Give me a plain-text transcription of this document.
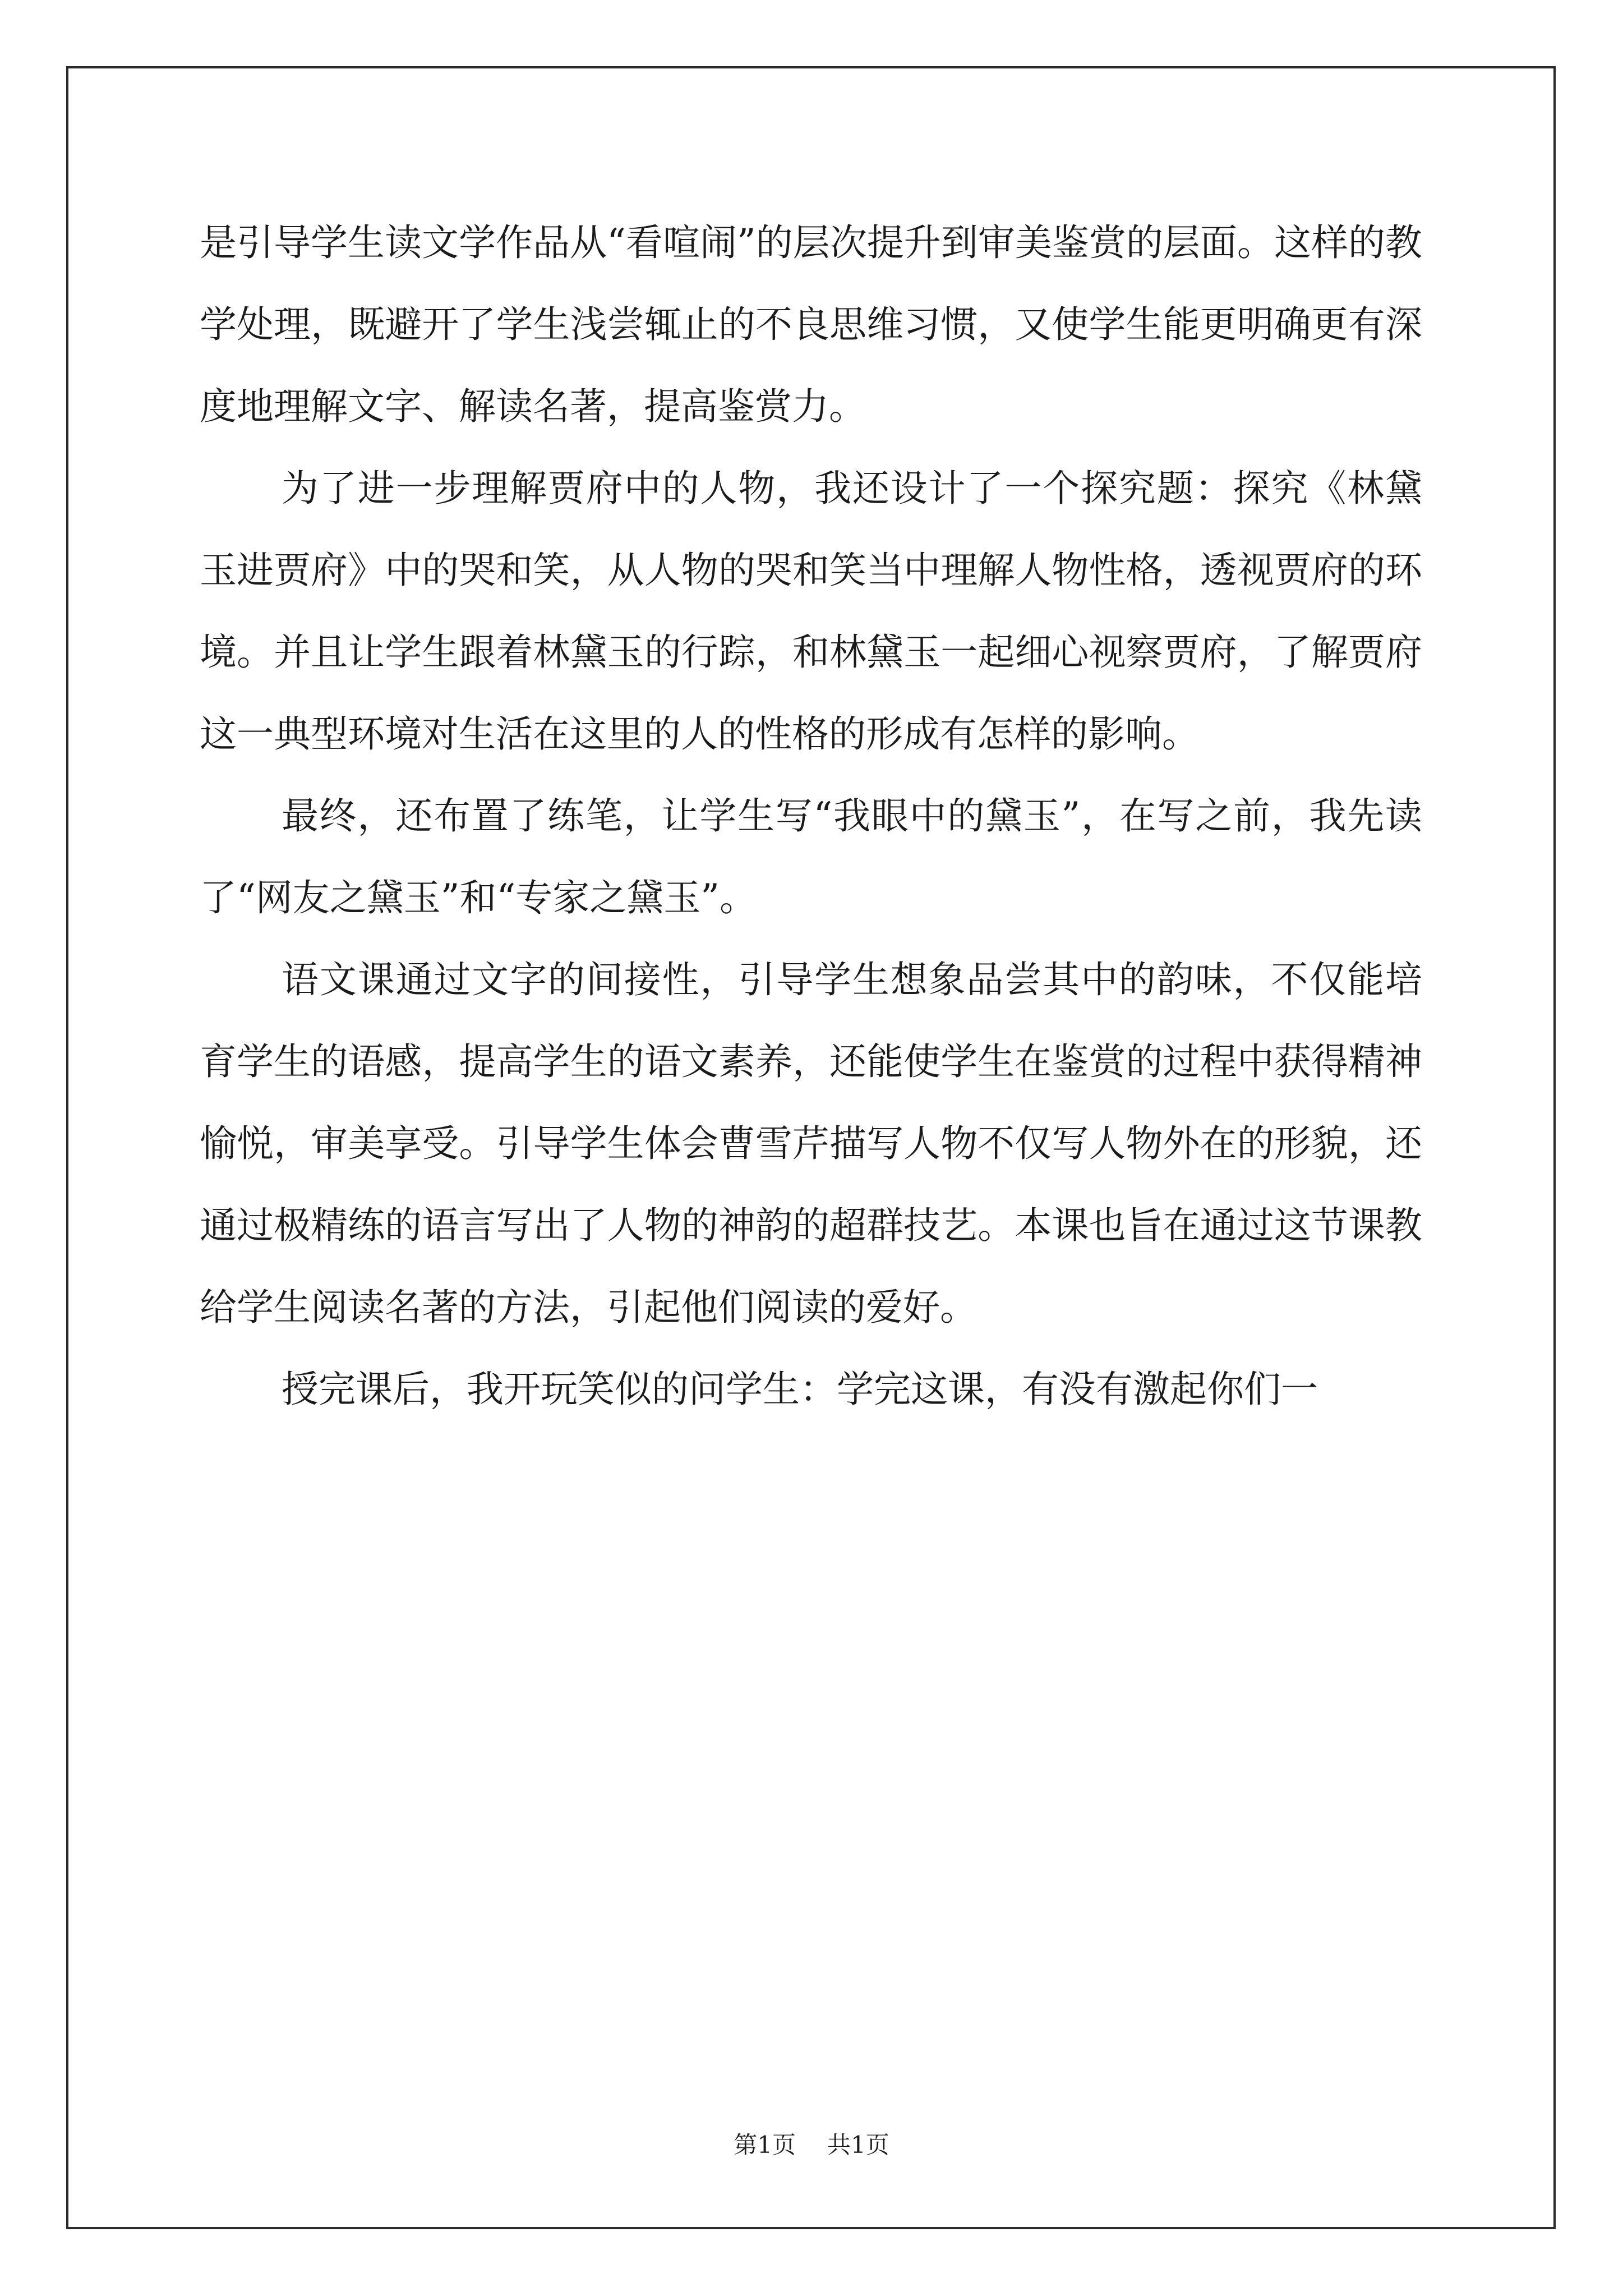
是引导学生读文学作品从“看喧闹”的层次提升到审美鉴赏的层面。这样的教学处理，既避开了学生浅尝辄止的不良思维习惯，又使学生能更明确更有深度地理解文字、解读名著，提高鉴赏力。

为了进一步理解贾府中的人物，我还设计了一个探究题：探究《林黛玉进贾府》中的哭和笑，从人物的哭和笑当中理解人物性格，透视贾府的环境。并且让学生跟着林黛玉的行踪，和林黛玉一起细心视察贾府，了解贾府这一典型环境对生活在这里的人的性格的形成有怎样的影响。

最终，还布置了练笔，让学生写“我眼中的黛玉”，在写之前，我先读了“网友之黛玉”和“专家之黛玉”。

语文课通过文字的间接性，引导学生想象品尝其中的韵味，不仅能培育学生的语感，提高学生的语文素养，还能使学生在鉴赏的过程中获得精神愉悦，审美享受。引导学生体会曹雪芹描写人物不仅写人物外在的形貌，还通过极精练的语言写出了人物的神韵的超群技艺。本课也旨在通过这节课教给学生阅读名著的方法，引起他们阅读的爱好。

授完课后，我开玩笑似的问学生：学完这课，有没有激起你们一

第1页 共1页
